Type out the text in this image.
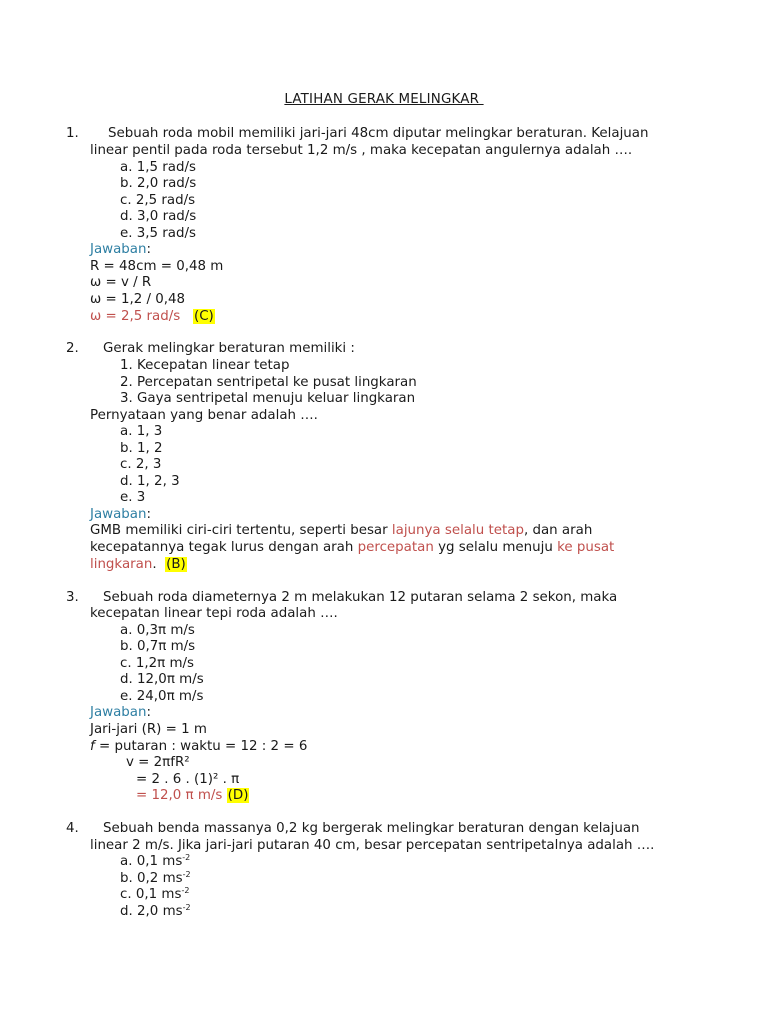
LATIHAN GERAK MELINGKAR
1. Sebuah roda mobil memiliki jari-jari 48cm diputar melingkar beraturan. Kelajuan
linear pentil pada roda tersebut 1,2 m/s , maka kecepatan angulernya adalah ….
a. 1,5 rad/s
b. 2,0 rad/s
c. 2,5 rad/s
d. 3,0 rad/s
e. 3,5 rad/s
Jawaban:
R = 48cm = 0,48 m
ω = v / R
ω = 1,2 / 0,48
ω = 2,5 rad/s (C)
2. Gerak melingkar beraturan memiliki :
1. Kecepatan linear tetap
2. Percepatan sentripetal ke pusat lingkaran
3. Gaya sentripetal menuju keluar lingkaran
Pernyataan yang benar adalah ….
a. 1, 3
b. 1, 2
c. 2, 3
d. 1, 2, 3
e. 3
Jawaban:
GMB memiliki ciri-ciri tertentu, seperti besar lajunya selalu tetap, dan arah
kecepatannya tegak lurus dengan arah percepatan yg selalu menuju ke pusat
lingkaran. (B)
3. Sebuah roda diameternya 2 m melakukan 12 putaran selama 2 sekon, maka
kecepatan linear tepi roda adalah ….
a. 0,3π m/s
b. 0,7π m/s
c. 1,2π m/s
d. 12,0π m/s
e. 24,0π m/s
Jawaban:
Jari-jari (R) = 1 m
f = putaran : waktu = 12 : 2 = 6
v = 2πfR²
= 2 . 6 . (1)² . π
= 12,0 π m/s (D)
4. Sebuah benda massanya 0,2 kg bergerak melingkar beraturan dengan kelajuan
linear 2 m/s. Jika jari-jari putaran 40 cm, besar percepatan sentripetalnya adalah ….
a. 0,1 $ms^{-2}$
b. 0,2 $ms^{-2}$
c. 0,1 $ms^{-2}$
d. 2,0 $ms^{-2}$
